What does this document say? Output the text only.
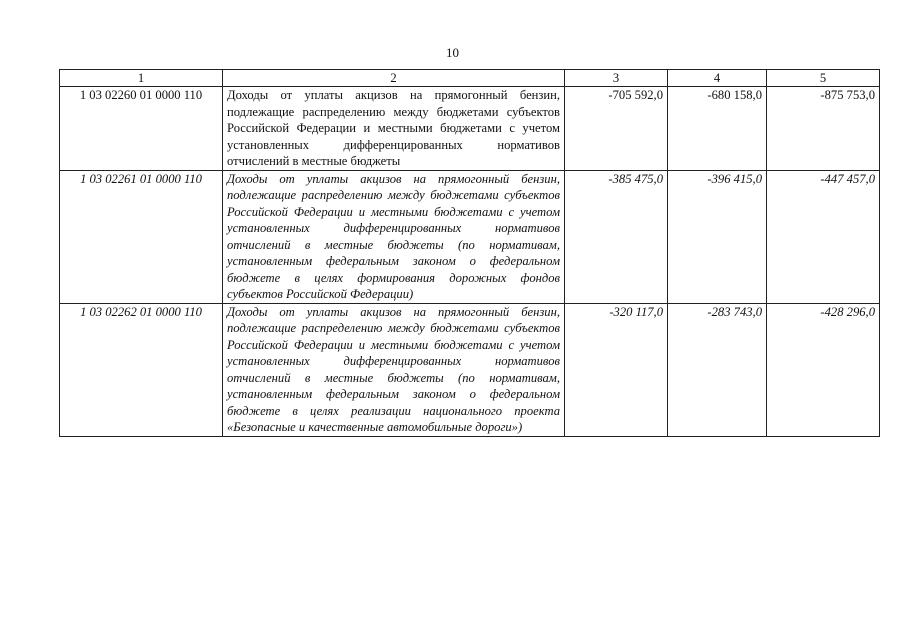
10
1	2	3	4	5
1 03 02260 01 0000 110	Доходы от уплаты акцизов на прямогонный бензин, подлежащие распределению между бюджетами субъектов Российской Федерации и местными бюджетами с учетом установленных дифференцированных нормативов отчислений в местные бюджеты	-705 592,0	-680 158,0	-875 753,0
1 03 02261 01 0000 110	Доходы от уплаты акцизов на прямогонный бензин, подлежащие распределению между бюджетами субъектов Российской Федерации и местными бюджетами с учетом установленных дифференцированных нормативов отчислений в местные бюджеты (по нормативам, установленным федеральным законом о федеральном бюджете в целях формирования дорожных фондов субъектов Российской Федерации)	-385 475,0	-396 415,0	-447 457,0
1 03 02262 01 0000 110	Доходы от уплаты акцизов на прямогонный бензин, подлежащие распределению между бюджетами субъектов Российской Федерации и местными бюджетами с учетом установленных дифференцированных нормативов отчислений в местные бюджеты (по нормативам, установленным федеральным законом о федеральном бюджете в целях реализации национального проекта «Безопасные и качественные автомобильные дороги»)	-320 117,0	-283 743,0	-428 296,0
